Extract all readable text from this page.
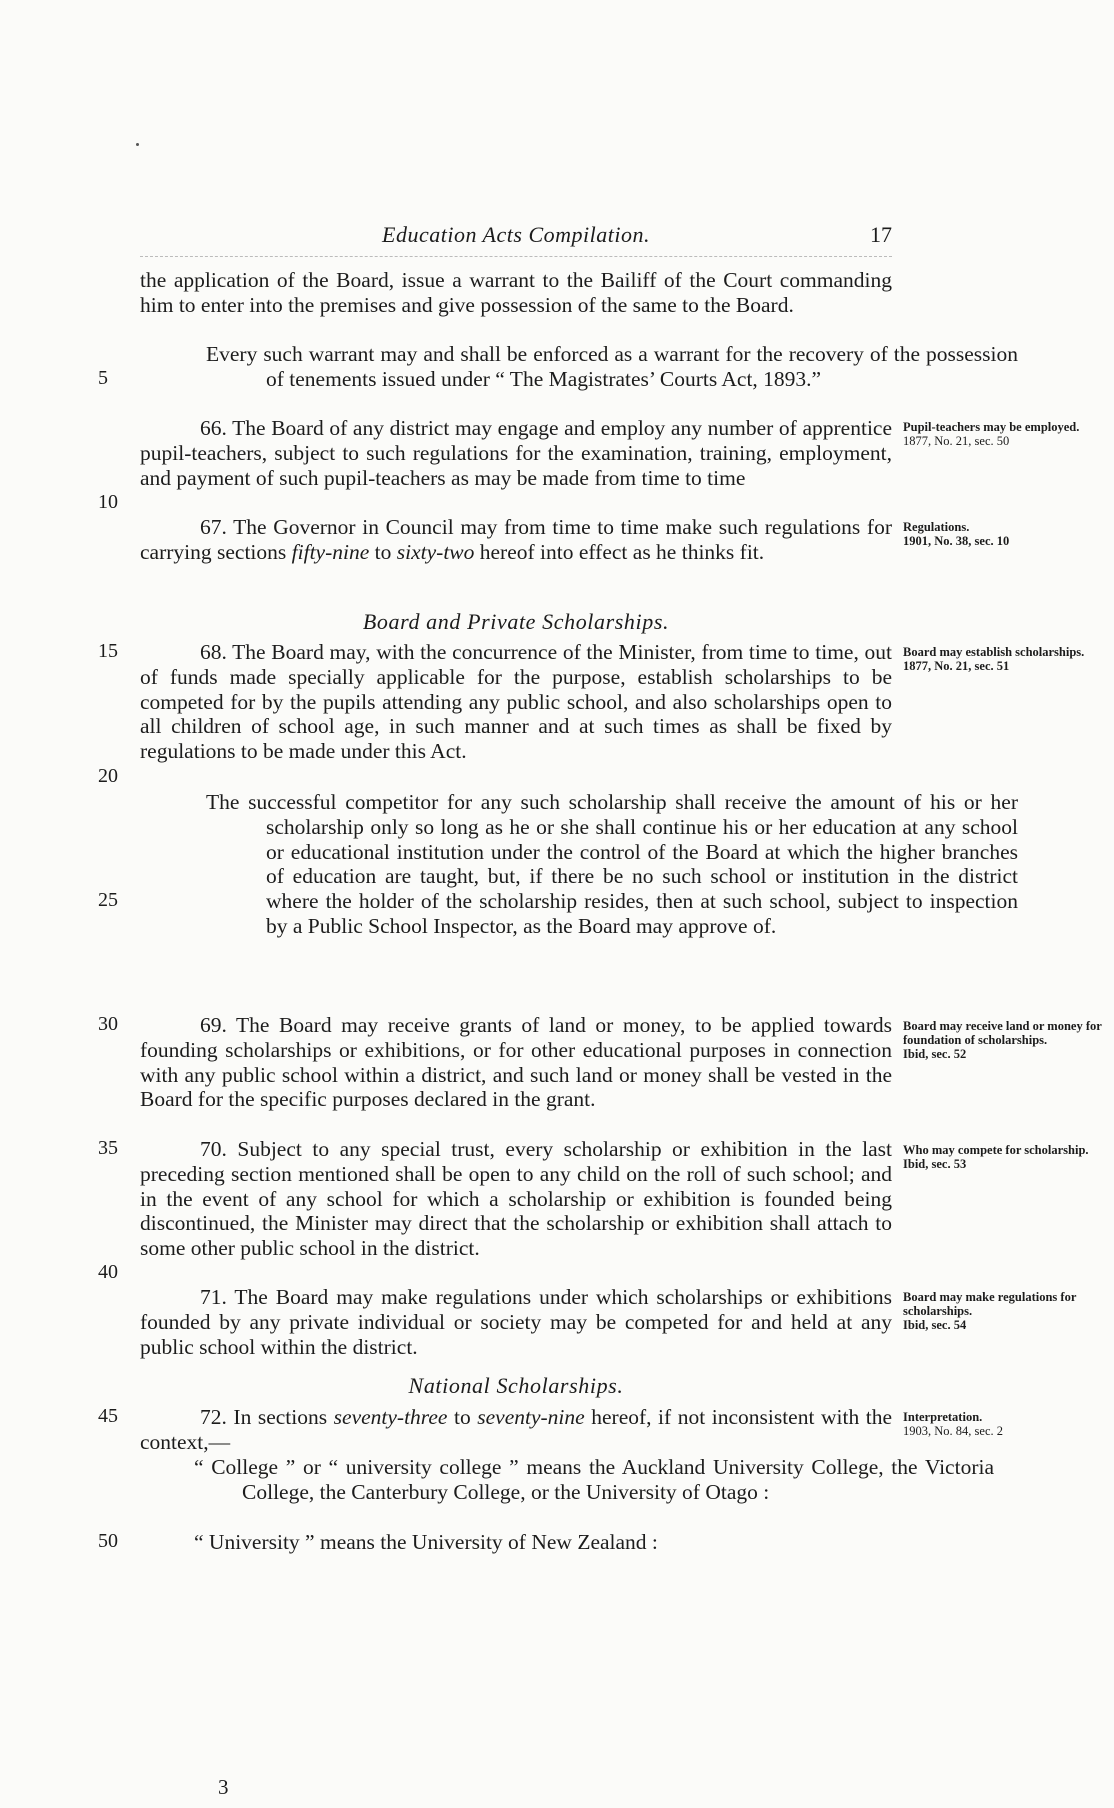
Education Acts Compilation.	17

the application of the Board, issue a warrant to the Bailiff of the Court commanding him to enter into the premises and give possession of the same to the Board.

Every such warrant may and shall be enforced as a warrant for the recovery of the possession of tenements issued under “ The Magistrates’ Courts Act, 1893.”

66. The Board of any district may engage and employ any number of apprentice pupil-teachers, subject to such regulations for the examination, training, employment, and payment of such pupil-teachers as may be made from time to time

67. The Governor in Council may from time to time make such regulations for carrying sections fifty-nine to sixty-two hereof into effect as he thinks fit.

Board and Private Scholarships.

68. The Board may, with the concurrence of the Minister, from time to time, out of funds made specially applicable for the purpose, establish scholarships to be competed for by the pupils attending any public school, and also scholarships open to all children of school age, in such manner and at such times as shall be fixed by regulations to be made under this Act.

The successful competitor for any such scholarship shall receive the amount of his or her scholarship only so long as he or she shall continue his or her education at any school or educational institution under the control of the Board at which the higher branches of education are taught, but, if there be no such school or institution in the district where the holder of the scholarship resides, then at such school, subject to inspection by a Public School Inspector, as the Board may approve of.

69. The Board may receive grants of land or money, to be applied towards founding scholarships or exhibitions, or for other educational purposes in connection with any public school within a district, and such land or money shall be vested in the Board for the specific purposes declared in the grant.

70. Subject to any special trust, every scholarship or exhibition in the last preceding section mentioned shall be open to any child on the roll of such school; and in the event of any school for which a scholarship or exhibition is founded being discontinued, the Minister may direct that the scholarship or exhibition shall attach to some other public school in the district.

71. The Board may make regulations under which scholarships or exhibitions founded by any private individual or society may be competed for and held at any public school within the district.

National Scholarships.

72. In sections seventy-three to seventy-nine hereof, if not inconsistent with the context,—

“ College ” or “ university college ” means the Auckland University College, the Victoria College, the Canterbury College, or the University of Otago :

“ University ” means the University of New Zealand :

5
10
15
20
25
30
35
40
45
50
Pupil-teachers may be employed.
1877, No. 21, sec. 50
Regulations.
1901, No. 38, sec. 10
Board may establish scholarships.
1877, No. 21, sec. 51
Board may receive land or money for foundation of scholarships.
Ibid, sec. 52
Who may compete for scholarship.
Ibid, sec. 53
Board may make regulations for scholarships.
Ibid, sec. 54
Interpretation.
1903, No. 84, sec. 2
3
